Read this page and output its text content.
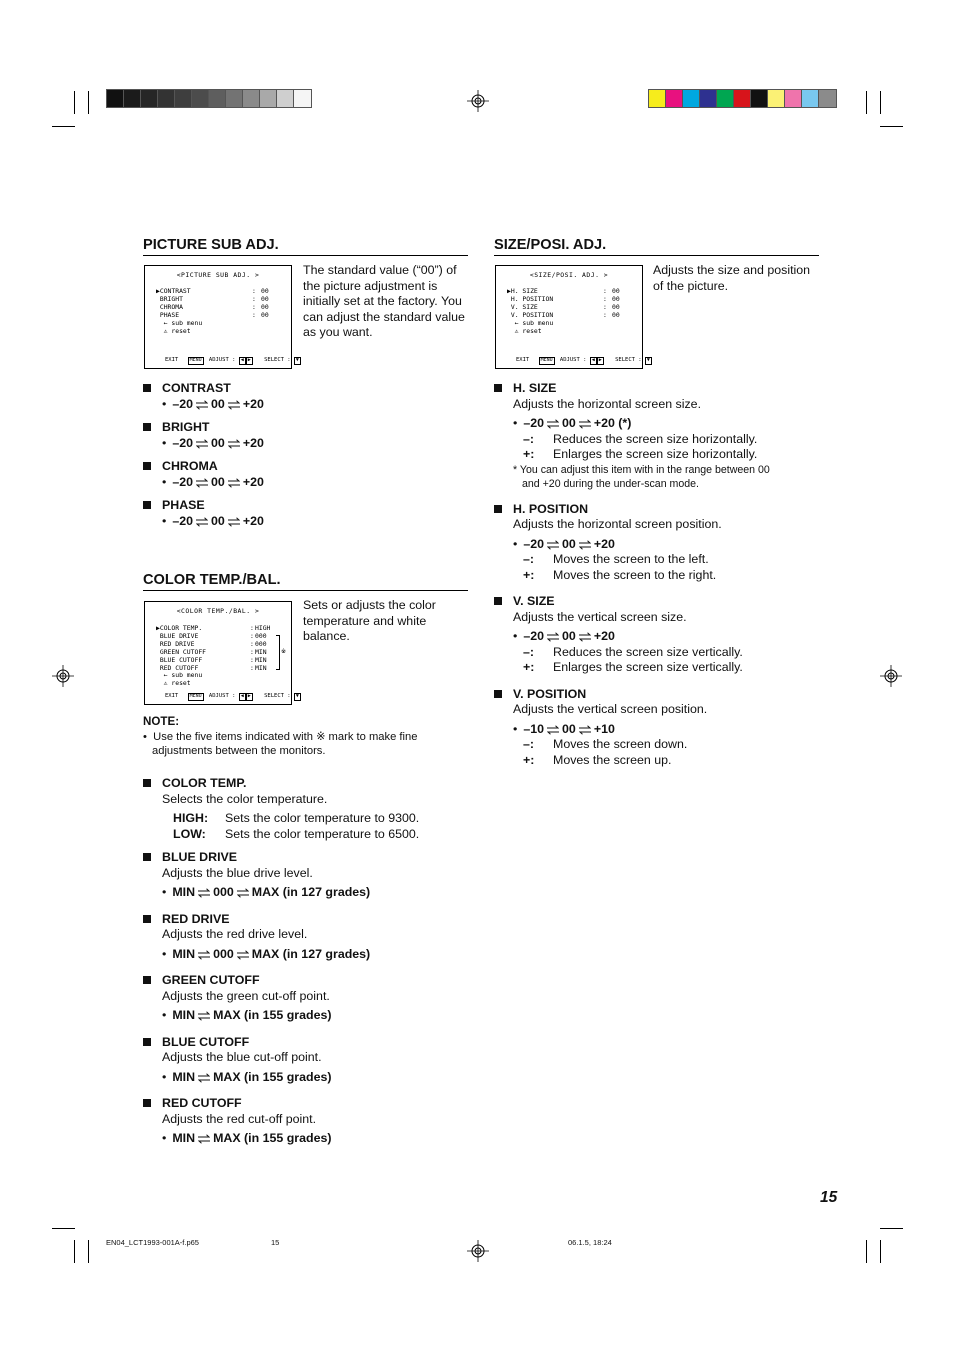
PICTURE SUB ADJ.
<PICTURE SUB ADJ. >
▶CONTRAST	: 00
BRIGHT	: 00
CHROMA	: 00
PHASE	: 00
← sub menu
⚠ reset
EXIT MENU ADJUST : ◀ ▶ SELECT : ▼
The standard value (“00”) of the picture adjustment is initially set at the factory. You can adjust the standard value as you want.
CONTRAST
• –20 00 +20
BRIGHT
• –20 00 +20
CHROMA
• –20 00 +20
PHASE
• –20 00 +20
COLOR TEMP./BAL.
<COLOR TEMP./BAL. >
▶COLOR TEMP.	: HIGH
BLUE DRIVE	: 000
RED DRIVE	: 000
GREEN CUTOFF	: MIN
BLUE CUTOFF	: MIN
RED CUTOFF	: MIN
← sub menu
⚠ reset
※
EXIT MENU ADJUST : ◀ ▶ SELECT : ▼
Sets or adjusts the color temperature and white balance.
NOTE:
• Use the five items indicated with ※ mark to make fine
adjustments between the monitors.
COLOR TEMP.
Selects the color temperature.
HIGH: Sets the color temperature to 9300.
LOW: Sets the color temperature to 6500.
BLUE DRIVE
Adjusts the blue drive level.
• MIN 000 MAX (in 127 grades)
RED DRIVE
Adjusts the red drive level.
• MIN 000 MAX (in 127 grades)
GREEN CUTOFF
Adjusts the green cut-off point.
• MIN MAX (in 155 grades)
BLUE CUTOFF
Adjusts the blue cut-off point.
• MIN MAX (in 155 grades)
RED CUTOFF
Adjusts the red cut-off point.
• MIN MAX (in 155 grades)
SIZE/POSI. ADJ.
<SIZE/POSI. ADJ. >
▶H. SIZE	: 00
H. POSITION	: 00
V. SIZE	: 00
V. POSITION	: 00
← sub menu
⚠ reset
EXIT MENU ADJUST : ◀ ▶ SELECT : ▼
Adjusts the size and position of the picture.
H. SIZE
Adjusts the horizontal screen size.
• –20 00 +20 (*)
–: Reduces the screen size horizontally.
+: Enlarges the screen size horizontally.
* You can adjust this item with in the range between 00
and +20 during the under-scan mode.
H. POSITION
Adjusts the horizontal screen position.
• –20 00 +20
–: Moves the screen to the left.
+: Moves the screen to the right.
V. SIZE
Adjusts the vertical screen size.
• –20 00 +20
–: Reduces the screen size vertically.
+: Enlarges the screen size vertically.
V. POSITION
Adjusts the vertical screen position.
• –10 00 +10
–: Moves the screen down.
+: Moves the screen up.
15
EN04_LCT1993-001A-f.p65	15	06.1.5, 18:24
